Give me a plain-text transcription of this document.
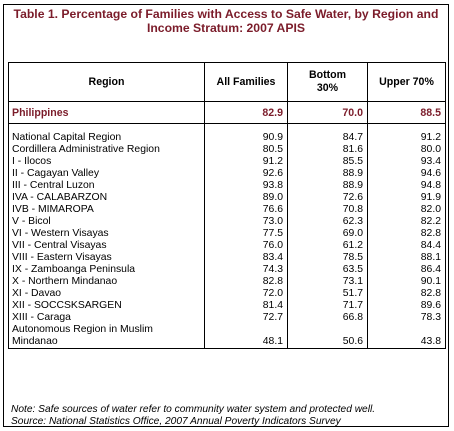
Table 1. Percentage of Families with Access to Safe Water, by Region and
Income Stratum: 2007 APIS
Region	All Families	Bottom 30%	Upper 70%
Philippines	82.9	70.0	88.5

National Capital Region	90.9	84.7	91.2
Cordillera Administrative Region	80.5	81.6	80.0
I - Ilocos	91.2	85.5	93.4
II - Cagayan Valley	92.6	88.9	94.6
III - Central Luzon	93.8	88.9	94.8
IVA - CALABARZON	89.0	72.6	91.9
IVB - MIMAROPA	76.6	70.8	82.0
V - Bicol	73.0	62.3	82.2
VI - Western Visayas	77.5	69.0	82.8
VII - Central Visayas	76.0	61.2	84.4
VIII - Eastern Visayas	83.4	78.5	88.1
IX - Zamboanga Peninsula	74.3	63.5	86.4
X - Northern Mindanao	82.8	73.1	90.1
XI - Davao	72.0	51.7	82.8
XII - SOCCSKSARGEN	81.4	71.7	89.6
XIII - Caraga	72.7	66.8	78.3
Autonomous Region in Muslim Mindanao	48.1	50.6	43.8
Note: Safe sources of water refer to community water system and protected well.
Source: National Statistics Office, 2007 Annual Poverty Indicators Survey
